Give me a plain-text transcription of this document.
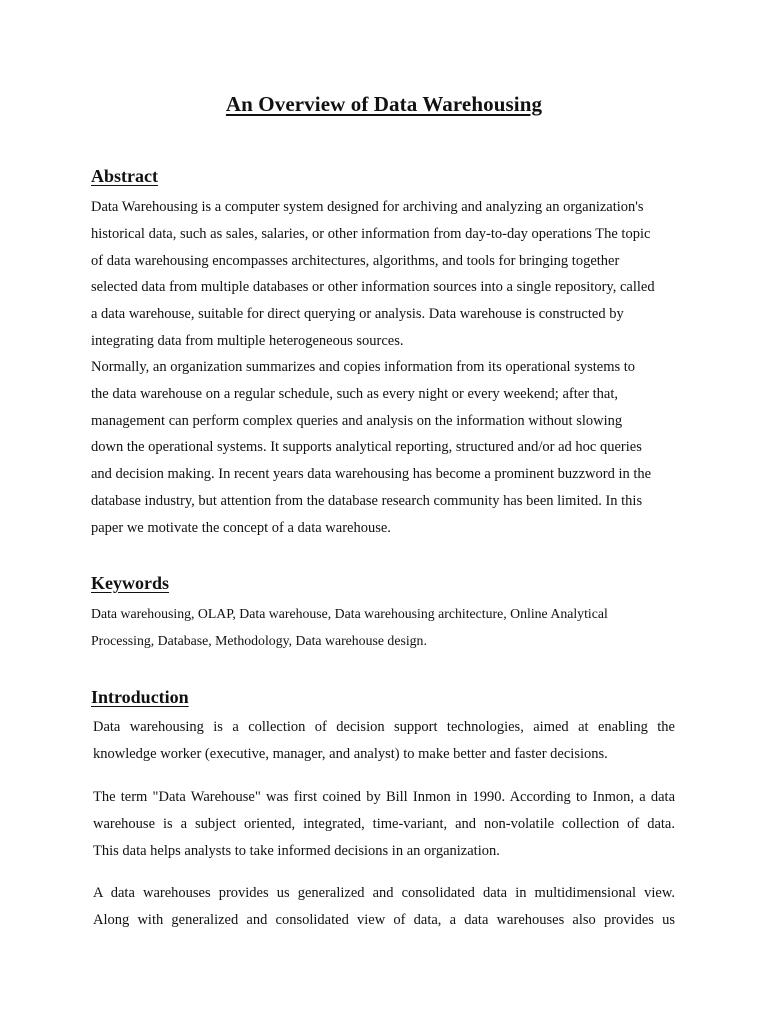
An Overview of Data Warehousing
Abstract

Data Warehousing is a computer system designed for archiving and analyzing an organization's
historical data, such as sales, salaries, or other information from day-to-day operations The topic
of data warehousing encompasses architectures, algorithms, and tools for bringing together
selected data from multiple databases or other information sources into a single repository, called
a data warehouse, suitable for direct querying or analysis. Data warehouse is constructed by
integrating data from multiple heterogeneous sources.

Normally, an organization summarizes and copies information from its operational systems to
the data warehouse on a regular schedule, such as every night or every weekend; after that,
management can perform complex queries and analysis on the information without slowing
down the operational systems. It supports analytical reporting, structured and/or ad hoc queries
and decision making. In recent years data warehousing has become a prominent buzzword in the
database industry, but attention from the database research community has been limited. In this
paper we motivate the concept of a data warehouse.

Keywords

Data warehousing, OLAP, Data warehouse, Data warehousing architecture, Online Analytical
Processing, Database, Methodology, Data warehouse design.

Introduction

Data warehousing is a collection of decision support technologies, aimed at enabling the
knowledge worker (executive, manager, and analyst) to make better and faster decisions.

The term "Data Warehouse" was first coined by Bill Inmon in 1990. According to Inmon, a data
warehouse is a subject oriented, integrated, time-variant, and non-volatile collection of data.
This data helps analysts to take informed decisions in an organization.

A data warehouses provides us generalized and consolidated data in multidimensional view.
Along with generalized and consolidated view of data, a data warehouses also provides us
